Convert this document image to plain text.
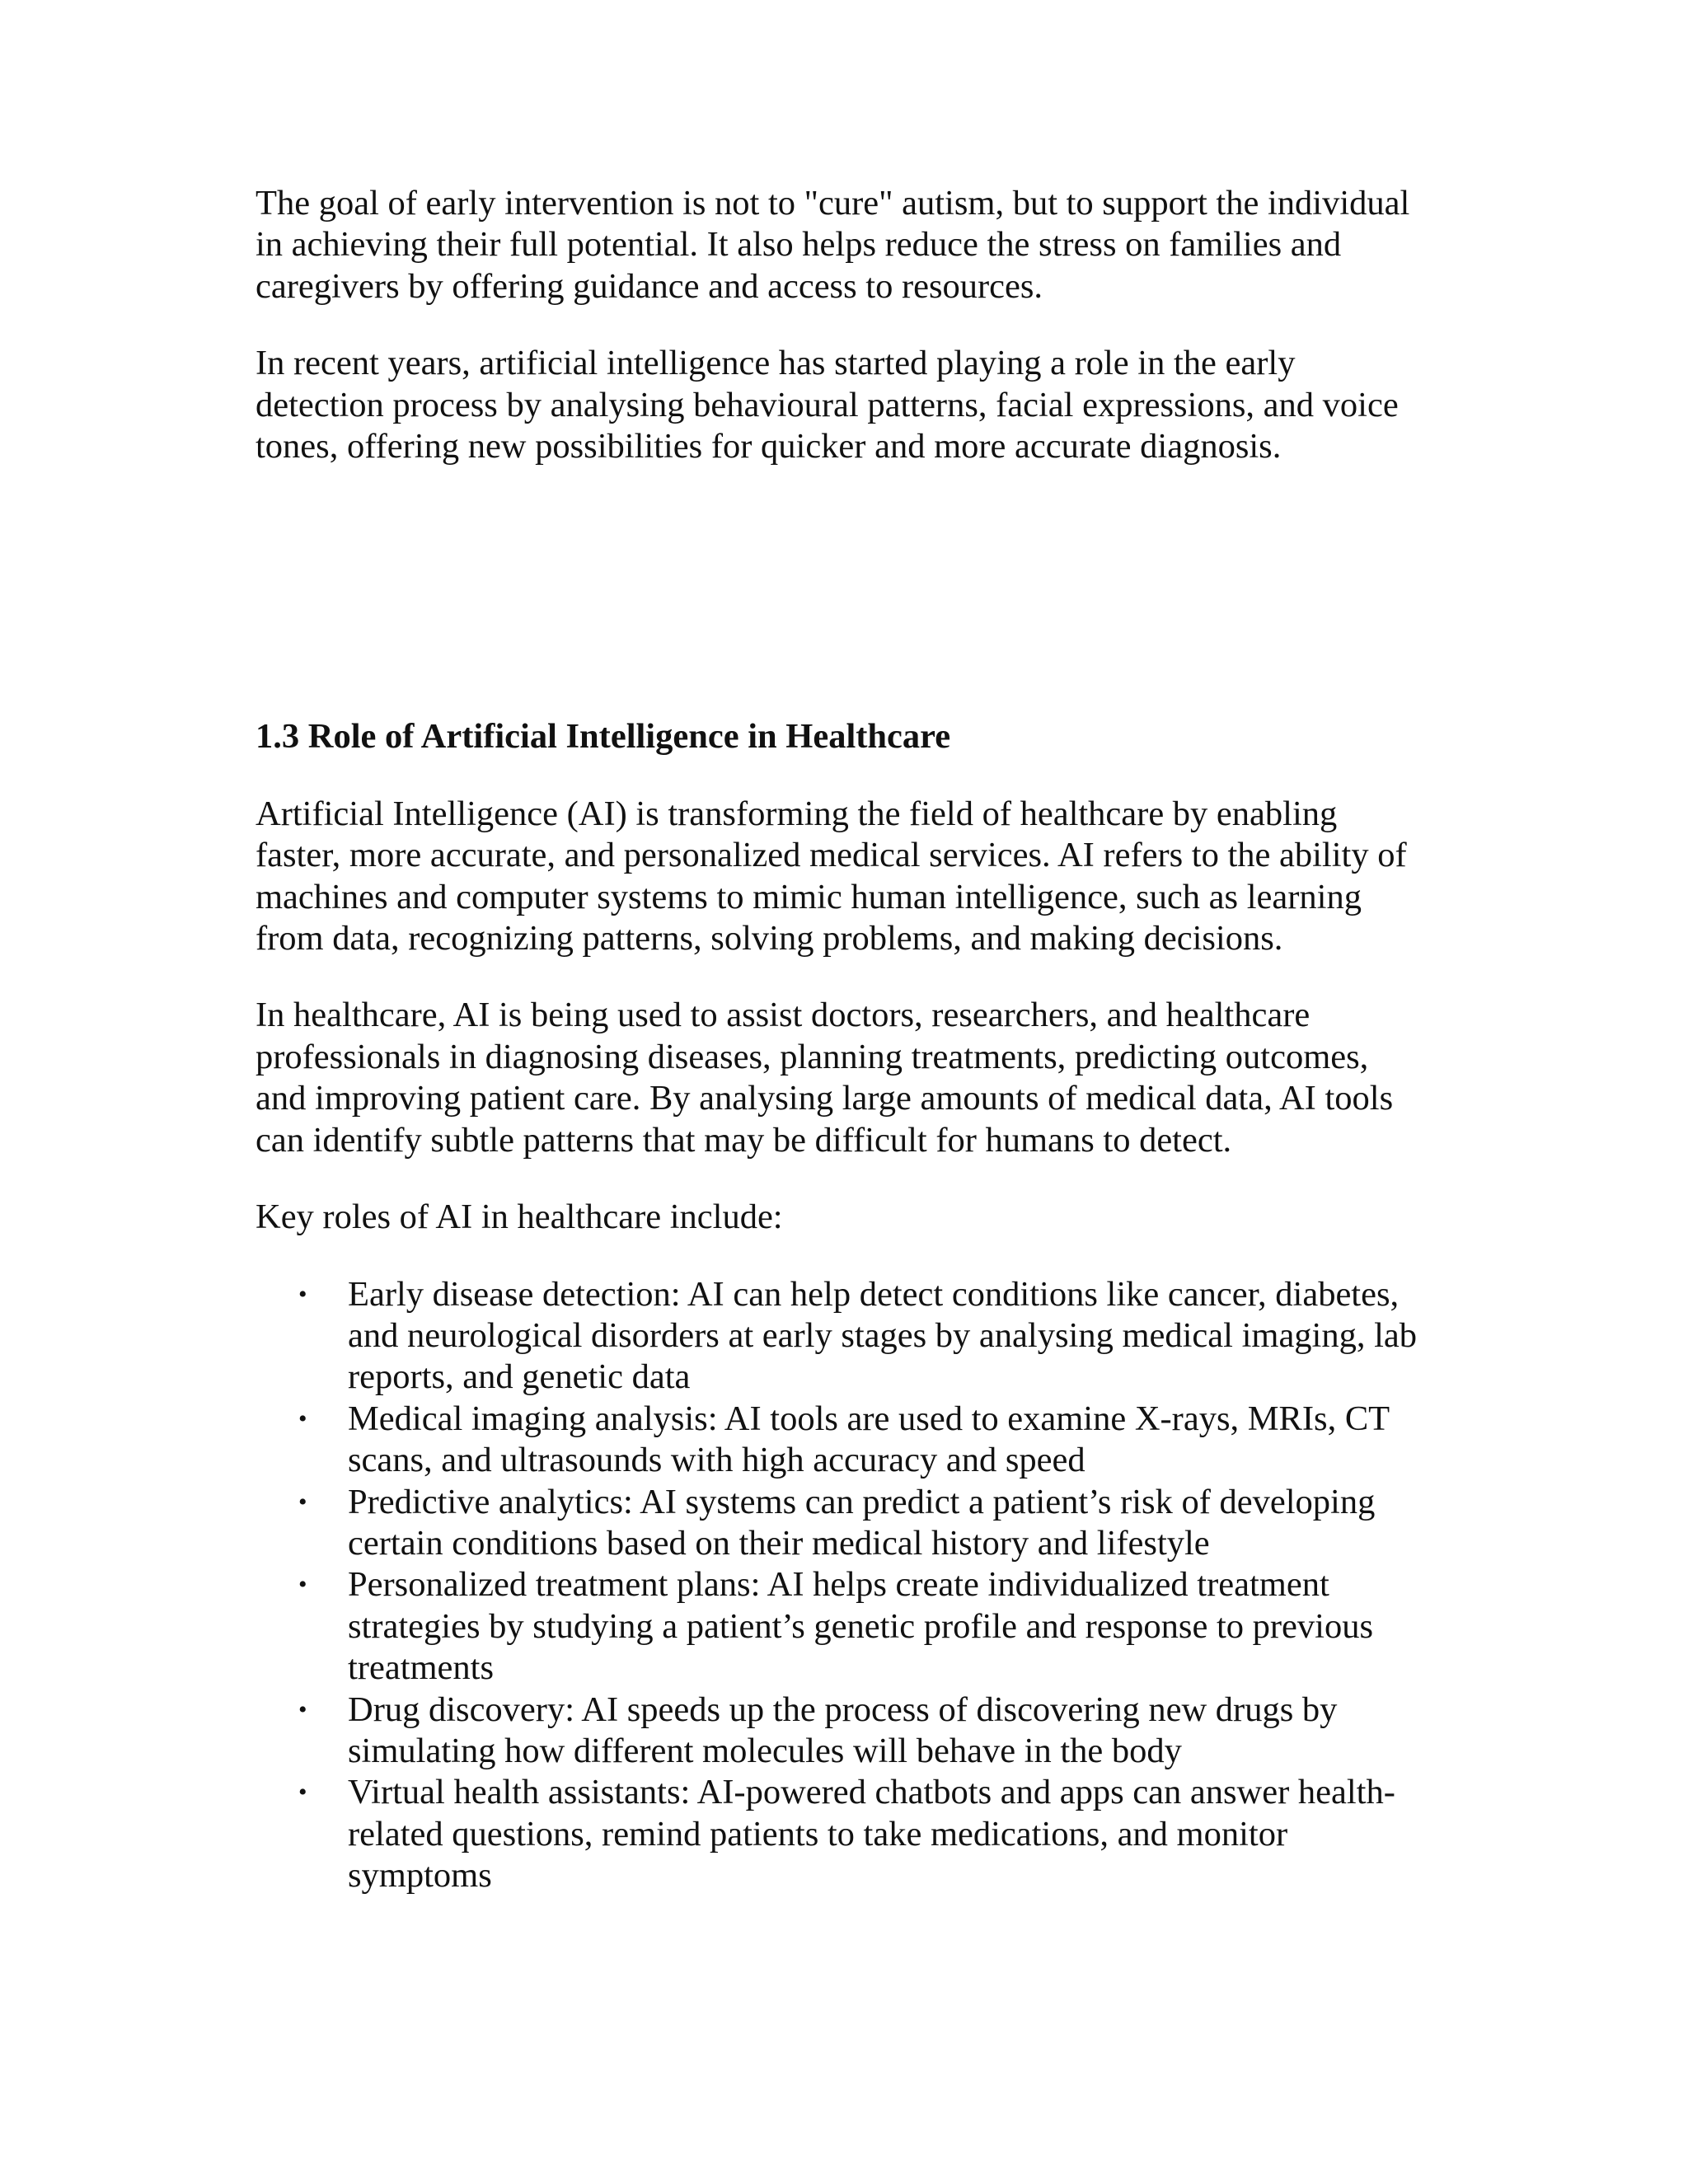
The goal of early intervention is not to "cure" autism, but to support the individual in achieving their full potential. It also helps reduce the stress on families and caregivers by offering guidance and access to resources.

In recent years, artificial intelligence has started playing a role in the early detection process by analysing behavioural patterns, facial expressions, and voice tones, offering new possibilities for quicker and more accurate diagnosis.

1.3 Role of Artificial Intelligence in Healthcare

Artificial Intelligence (AI) is transforming the field of healthcare by enabling faster, more accurate, and personalized medical services. AI refers to the ability of machines and computer systems to mimic human intelligence, such as learning from data, recognizing patterns, solving problems, and making decisions.

In healthcare, AI is being used to assist doctors, researchers, and healthcare professionals in diagnosing diseases, planning treatments, predicting outcomes, and improving patient care. By analysing large amounts of medical data, AI tools can identify subtle patterns that may be difficult for humans to detect.

Key roles of AI in healthcare include:

• Early disease detection: AI can help detect conditions like cancer, diabetes, and neurological disorders at early stages by analysing medical imaging, lab reports, and genetic data
• Medical imaging analysis: AI tools are used to examine X-rays, MRIs, CT scans, and ultrasounds with high accuracy and speed
• Predictive analytics: AI systems can predict a patient’s risk of developing certain conditions based on their medical history and lifestyle
• Personalized treatment plans: AI helps create individualized treatment strategies by studying a patient’s genetic profile and response to previous treatments
• Drug discovery: AI speeds up the process of discovering new drugs by simulating how different molecules will behave in the body
• Virtual health assistants: AI-powered chatbots and apps can answer health-related questions, remind patients to take medications, and monitor symptoms
